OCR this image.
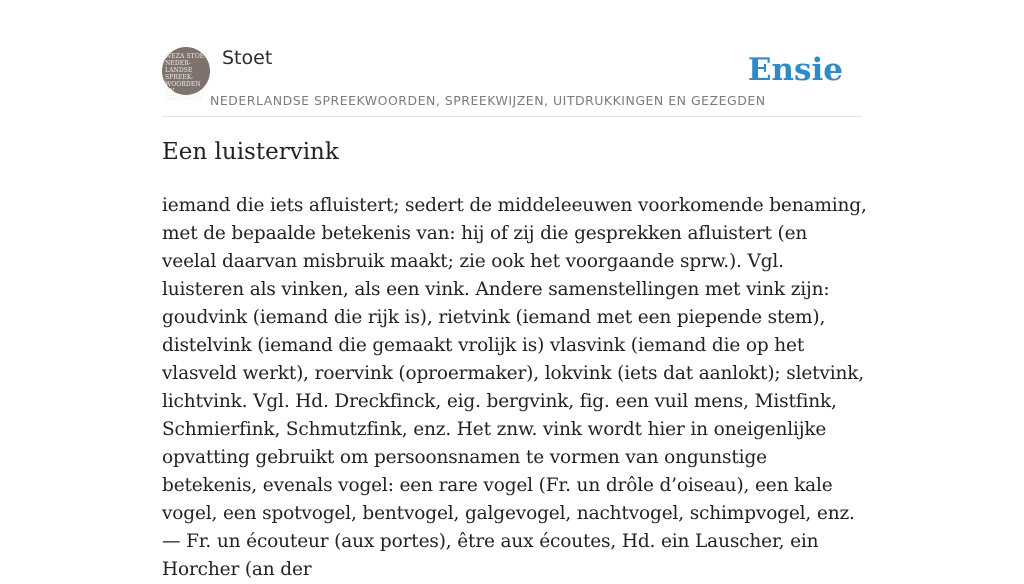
WEZA STOET
NEDER-
LANDSE
SPREEK-
WOORDEN EN
GEZEGDEN
Stoet	Ensie
NEDERLANDSE SPREEKWOORDEN, SPREEKWIJZEN, UITDRUKKINGEN EN GEZEGDEN
Een luistervink

iemand die iets afluistert; sedert de middeleeuwen voorkomende benaming, met de bepaalde betekenis van: hij of zij die gesprekken afluistert (en veelal daarvan misbruik maakt; zie ook het voorgaande sprw.). Vgl. luisteren als vinken, als een vink. Andere samenstellingen met vink zijn: goudvink (iemand die rijk is), rietvink (iemand met een piepende stem), distelvink (iemand die gemaakt vrolijk is) vlasvink (iemand die op het vlasveld werkt), roervink (oproermaker), lokvink (iets dat aanlokt); sletvink, lichtvink. Vgl. Hd. Dreckfinck, eig. bergvink, fig. een vuil mens, Mistfink, Schmierfink, Schmutzfink, enz. Het znw. vink wordt hier in oneigenlijke opvatting gebruikt om persoonsnamen te vormen van ongunstige betekenis, evenals vogel: een rare vogel (Fr. un drôle d’oiseau), een kale vogel, een spotvogel, bentvogel, galgevogel, nachtvogel, schimpvogel, enz. — Fr. un écouteur (aux portes), être aux écoutes, Hd. ein Lauscher, ein Horcher (an der
